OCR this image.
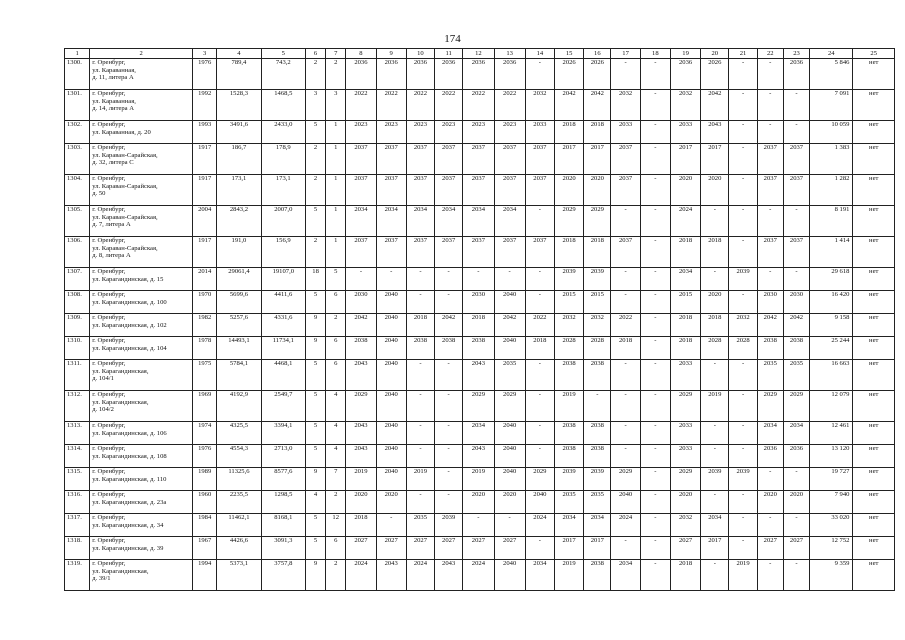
174
1	2	3	4	5	6	7	8	9	10	11	12	13	14	15	16	17	18	19	20	21	22	23	24	25
1300.	г. Оренбург,
ул. Караванная,
д. 11, литера А	1976	789,4	743,2	2	2	2036	2036	2036	2036	2036	2036	-	2026	2026	-	-	2036	2026	-	-	2036	5 846	нет
1301.	г. Оренбург,
ул. Караванная,
д. 14, литера А	1992	1528,3	1468,5	3	3	2022	2022	2022	2022	2022	2022	2032	2042	2042	2032	-	2032	2042	-	-	-	7 091	нет
1302.	г. Оренбург,
ул. Караванная, д. 20	1993	3491,6	2433,0	5	1	2023	2023	2023	2023	2023	2023	2033	2018	2018	2033	-	2033	2043	-	-	-	10 059	нет
1303.	г. Оренбург,
ул. Караван-Сарайская,
д. 32, литера С	1917	186,7	178,9	2	1	2037	2037	2037	2037	2037	2037	2037	2017	2017	2037	-	2017	2017	-	2037	2037	1 383	нет
1304.	г. Оренбург,
ул. Караван-Сарайская,
д. 50	1917	173,1	173,1	2	1	2037	2037	2037	2037	2037	2037	2037	2020	2020	2037	-	2020	2020	-	2037	2037	1 282	нет
1305.	г. Оренбург,
ул. Караван-Сарайская,
д. 7, литера А	2004	2843,2	2007,0	5	1	2034	2034	2034	2034	2034	2034	-	2029	2029	-	-	2024	-	-	-	-	8 191	нет
1306.	г. Оренбург,
ул. Караван-Сарайская,
д. 8, литера А	1917	191,0	156,9	2	1	2037	2037	2037	2037	2037	2037	2037	2018	2018	2037	-	2018	2018	-	2037	2037	1 414	нет
1307.	г. Оренбург,
ул. Карагандинская, д. 15	2014	29061,4	19107,0	18	5	-	-	-	-	-	-	-	2039	2039	-	-	2034	-	2039	-	-	29 618	нет
1308.	г. Оренбург,
ул. Карагандинская, д. 100	1970	5699,6	4411,6	5	6	2030	2040	-	-	2030	2040	-	2015	2015	-	-	2015	2020	-	2030	2030	16 420	нет
1309.	г. Оренбург,
ул. Карагандинская, д. 102	1982	5257,6	4331,6	9	2	2042	2040	2018	2042	2018	2042	2022	2032	2032	2022	-	2018	2018	2032	2042	2042	9 158	нет
1310.	г. Оренбург,
ул. Карагандинская, д. 104	1978	14493,1	11734,1	9	6	2038	2040	2038	2038	2038	2040	2018	2028	2028	2018	-	2018	2028	2028	2038	2038	25 244	нет
1311.	г. Оренбург,
ул. Карагандинская,
д. 104/1	1975	5784,1	4468,1	5	6	2043	2040	-	-	2043	2035	-	2038	2038	-	-	2033	-	-	2035	2035	16 663	нет
1312.	г. Оренбург,
ул. Карагандинская,
д. 104/2	1969	4192,9	2549,7	5	4	2029	2040	-	-	2029	2029	-	2019	-	-	-	2029	2019	-	2029	2029	12 079	нет
1313.	г. Оренбург,
ул. Карагандинская, д. 106	1974	4325,5	3394,1	5	4	2043	2040	-	-	2034	2040	-	2038	2038	-	-	2033	-	-	2034	2034	12 461	нет
1314.	г. Оренбург,
ул. Карагандинская, д. 108	1976	4554,3	2713,0	5	4	2043	2040	-	-	2043	2040	-	2038	2038	-	-	2033	-	-	2036	2036	13 120	нет
1315.	г. Оренбург,
ул. Карагандинская, д. 110	1989	11325,6	8577,6	9	7	2019	2040	2019	-	2019	2040	2029	2039	2039	2029	-	2029	2039	2039	-	-	19 727	нет
1316.	г. Оренбург,
ул. Карагандинская, д. 23а	1960	2235,5	1298,5	4	2	2020	2020	-	-	2020	2020	2040	2035	2035	2040	-	2020	-	-	2020	2020	7 940	нет
1317.	г. Оренбург,
ул. Карагандинская, д. 34	1984	11462,1	8168,1	5	12	2018	-	2035	2039	-	-	2024	2034	2034	2024	-	2032	2034	-	-	-	33 020	нет
1318.	г. Оренбург,
ул. Карагандинская, д. 39	1967	4426,6	3091,3	5	6	2027	2027	2027	2027	2027	2027	-	2017	2017	-	-	2027	2017	-	2027	2027	12 752	нет
1319.	г. Оренбург,
ул. Карагандинская,
д. 39/1	1994	5373,1	3757,8	9	2	2024	2043	2024	2043	2024	2040	2034	2019	2038	2034	-	2018	-	2019	-	-	9 359	нет
